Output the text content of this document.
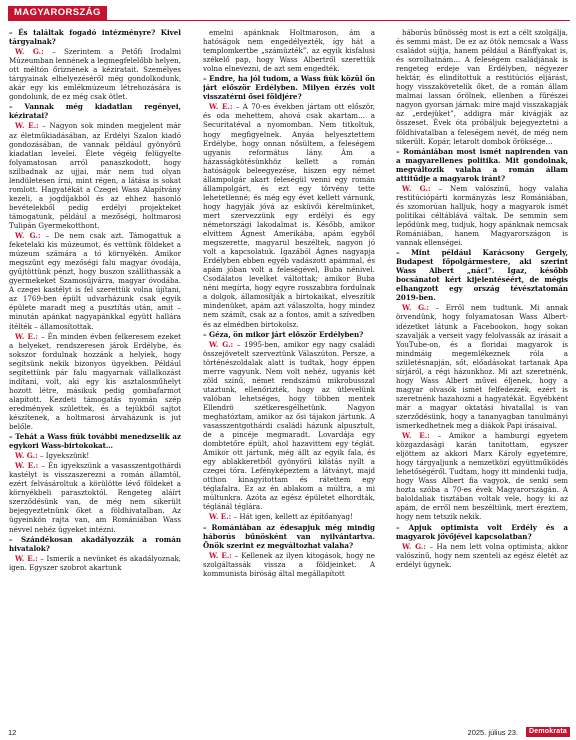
MAGYARORSZÁG

– És találtak fogadó intézményre? Kivel tárgyalnak?

W. G.: – Szerintem a Petőfi Irodalmi Múzeumban lennének a legmegfelelőbb helyen, ott méltón őriznének a kéziratait. Személyes tárgyainak elhelyezéséről még gondolkodunk, akár egy kis emlékmúzeum létrehozására is gondolunk, de ez még csak ötlet.

– Vannak még kiadatlan regényei, kéziratai?

W. E.: – Nagyon sok minden megjelent már az életműkiadásában, az Erdélyi Szalon kiadó gondozásában, de vannak például gyönyörű kiadatlan levelei. Élete végéig felügyelte folyamatosan arról panaszkodott, hogy szilbadnak az ujjai, már nem tud olyan lendületesen írni, mint régen, a látása is sokat romlott. Hagyatékát a Czegei Wass Alapítvány kezeli, a jogdíjakból és az ehhez hasonló bevételekből pedig erdélyi projekteket támogatunk, például a mezőségi, holtmarosi Tulipán Gyermekotthont.

W. G.: – De nem csak azt. Támogattuk a feketelaki kis múzeumot, és vettünk földeket a múzeum számára a tó környékén. Amikor megszűnt egy mezőségi falu magyar óvodája, gyűjtöttünk pénzt, hogy buszon szállíthassák a gyermekeket Szamosújvárra, magyar óvodába. A czegei kastélyt is fel szerettük volna újítani, az 1769-ben épült udvarházunk csak egyik épülete maradt meg a pusztítás után, amit – minután apánkat nagyapánkkal együtt hallára ítélték – államosítottak.

W. E.: – Én minden évben felkeresem ezeket a helyeket, rendszeresen járok Erdélybe, és sokszor fordulnak hozzánk a helyiek, hogy segítsünk nekik bizonyos ügyekben. Például segítettünk pár falu magyarnak vállalkozást indítani, volt, aki egy kis asztalosműhelyt hozott létre, másikuk pedig gombafarmot alapított. Kezdeti támogatás nyomán szép eredmények születtek, és a tejükből sajtot készítenek, a holtmarosi árvaházunk is jut belőle.

– Tehát a Wass fiúk további menedzselik az egykori Wass-birtokokat…

W. G.: – Igyekszünk!

W. E.: – Én igyekszünk a vasasszentgothárdi kastélyt is visszaszerezni a román államtól, ezért felvásároltuk a körülötte lévő földeket a környékbeli parasztoktól. Rengeteg aláírt szerződésünk van, de még nem sikerült bejegyeztetnünk őket a földhivatalban. Az ügyeinkön rajta van, am Romániában Wass névvel nehéz ügyeket intézni.

– Szándékosan akadályozzák a román hivatalok?

W. E.: – Ismerik a nevünket és akadályoznak, igen. Egyszer szobrot akartunk

emelni apánknak Holtmaroson, ám a hatóságok nem engedélyezték, így hát a templomkertbe „számüzték”, az egyik kisfalusi székelő pap, hogy Wass Albertről szerettük volna elnevezni, de azt sem engedték.

– Endre, ha jól tudom, a Wass fiúk közül ön járt először Erdélyben. Milyen érzés volt visszatérni ősei földjére?

W. E.: – A 70-es években jártam ott először, és oda mehettem, ahová csak akartam… a Securitatéval a nyomomban. Nem titkoltuk, hogy megfigyelnek. Anyáa helyesztettem Erdélybe, hogy onnan nősültem, a feleségem ugyanis református lány. Ám a házasságkötésünkhöz kellett a román hatóságok beleegyezése, hiszen egy német állampolgár akart feleségül venni egy román állampolgárt, és ezt egy törvény tette lehetetlenné; és még egy évet kellett várnunk, hogy hagyják jóvá az esküvői kérelmünket, mert szervezzünk egy erdélyi és egy németországi lakodalmat is. Később, amikor elvittem Ágnest Amerikába, apám egyből megszerette, magyarul beszéltek, nagyon jó volt a kapcsolatuk. Igazából Ágnes nagyapja Erdélyben ebben egyéb vadászott apámmal, és apám jóban volt a feleségével, Buba nénivel. Csodálatos levelket váltottak; amikor Buba néni megírta, hogy egyre rosszabbra fordulnak a dolgok, államosítják a birtokaikat, elveszítik mindenüket, apám azt válaszolta, hogy mindez nem számít, csak az a fontos, amit a szívedben és az elmédben birtokolsz.

– Géza, ön mikor járt először Erdélyben?

W. G.: – 1995-ben, amikor egy nagy családi összejövetelt szerveztünk Válaszúton. Persze, a történészoldalak alatt is tudtak, hogy éppen merre vagyunk. Nem volt nehéz, ugyanis két zöld színű, német rendszámú mikrobusszal utaztunk, ellenőrizték, hogy az útlevelünk valóban lehetséges, hogy többen mentek Ellendrö szétkeresgélhetünk. Nagyon meghatóztam, amikor az ősi tájakon jártunk. A vasasszentgothárdi családi házunk alpusztult, de a pincéje megmaradt. Lovardája egy dombtetőre épült, ahol hazavittem egy téglát. Amikor ott jártunk, még állt az egyik fala, és egy ablakkeretből gyönyörű kilátás nyílt a czegei tóra. Lefényképeztem a látványt, majd otthon kinagyítottam és rátettem egy téglafalra. Ez az én ablakom a múltra, a mi múltunkra. Azóta az egész épületet elhordták, téglánál téglára.

W. E.: – Hát igen, kellett az építőanyag!

– Romániában az édesapjuk még mindig háborús bűnösként van nyilvántartva. Önök szerint ez megváltozhat valaha?

W. E.: – Kellenek az ilyen kitogások, hogy ne szolgáltassák vissza a földjeinket. A kommunista bíróság által megállapított

háborús bűnösség most is ezt a célt szolgálja, és semmi mást. De ez az ötök nemcsak a Wass családot sújtja, hanem például a Bánffyakat is, és sorolhatnám… A feleségem családjának is rengeteg erdeje van Erdélyben, négyezer hektár, és elindítottuk a restitúciós eljárást, hogy visszakövetelik őket, de a román állam malmai lassan őrölnek, ellenben a fűrészei nagyon gyorsan járnak: mire majd visszakapják az „erdejüket”, addigra már kivágják az összeset. Évek óta próbáljuk bejegyeztetni a földhivatalban a feleségem nevét, de még nem sikerült. Kopár, letarolt dombok őröksége…

– Romániában most ismét napirenden van a magyarellenes politika. Mit gondolnak, megváltozik valaha a román állam attitűdje a magyarok iránt?

W. G.: – Nem valószínű, hogy valaha restitúciópárti kormányzás lesz Romániában, és szomorúan halljuk, hogy a magyarok ismét politikai céltáblává váltak. De semmin sem lepődünk meg, tudjuk, hogy apánknak nemcsak Romániában, hanem Magyarországon is vannak ellenségei.

– Mint például Karácsony Gergely, Budapest főpolgármestere, aki szerint Wass Albert „náci”. Igaz, később bocsánatot kért kijelentéséért, de mégis elhangzott egy ország tévésztatomán 2019-ben.

W. G.: – Erről nem tudtunk. Mi annak örvendünk, hogy folyamatosan Wass Albert-idézetket látunk a Facebookon, hogy sokan szavalják a verseit vagy felolvassák az írásait a YouTube-on, és a floridai magyarok is mindmáig megemlékeznek róla a születésnapján, sőt, előadásokat tartanak Apa sírjáról, a régi házunkhoz. Mi azt szeretnénk, hogy Wass Albert művei éljenek, hogy a magyar olvasók ismét felfedezzék, ezért is szeretnénk hazahozni a hagyatékát. Egyébként már a magyar oktatási hivatallal is van szerződésünk, hogy a tananyagban tanulmányi ismerkedhetnek meg a diákok Papi írásaival.

W. E.: – Amikor a hamburgi egyetem közgazdasági karán tanítottam, egyszer eljöttem az akkori Marx Károly egyetemre, hogy tárgyaljunk a nemzetközi együttműködés lehetőségéről. Tudtam, hogy itt mindenki tudja, hogy Wass Albert fia vagyok, de senki sem hozta szóba a 70-es évek Magyarországán. A baloldaliak tisztában voltak vele, hogy ki az apám, de erről nem beszéltünk, mert éreztem, hogy nem tetszik nekik.

– Apjuk optimista volt Erdély és a magyarok jövőjével kapcsolatban?

W. G.: – Ha nem lett volna optimista, akkor valószínű, hogy nem szenteli az egész életét az erdélyi ügynek.

12	2025. július 23.	Demokrata
